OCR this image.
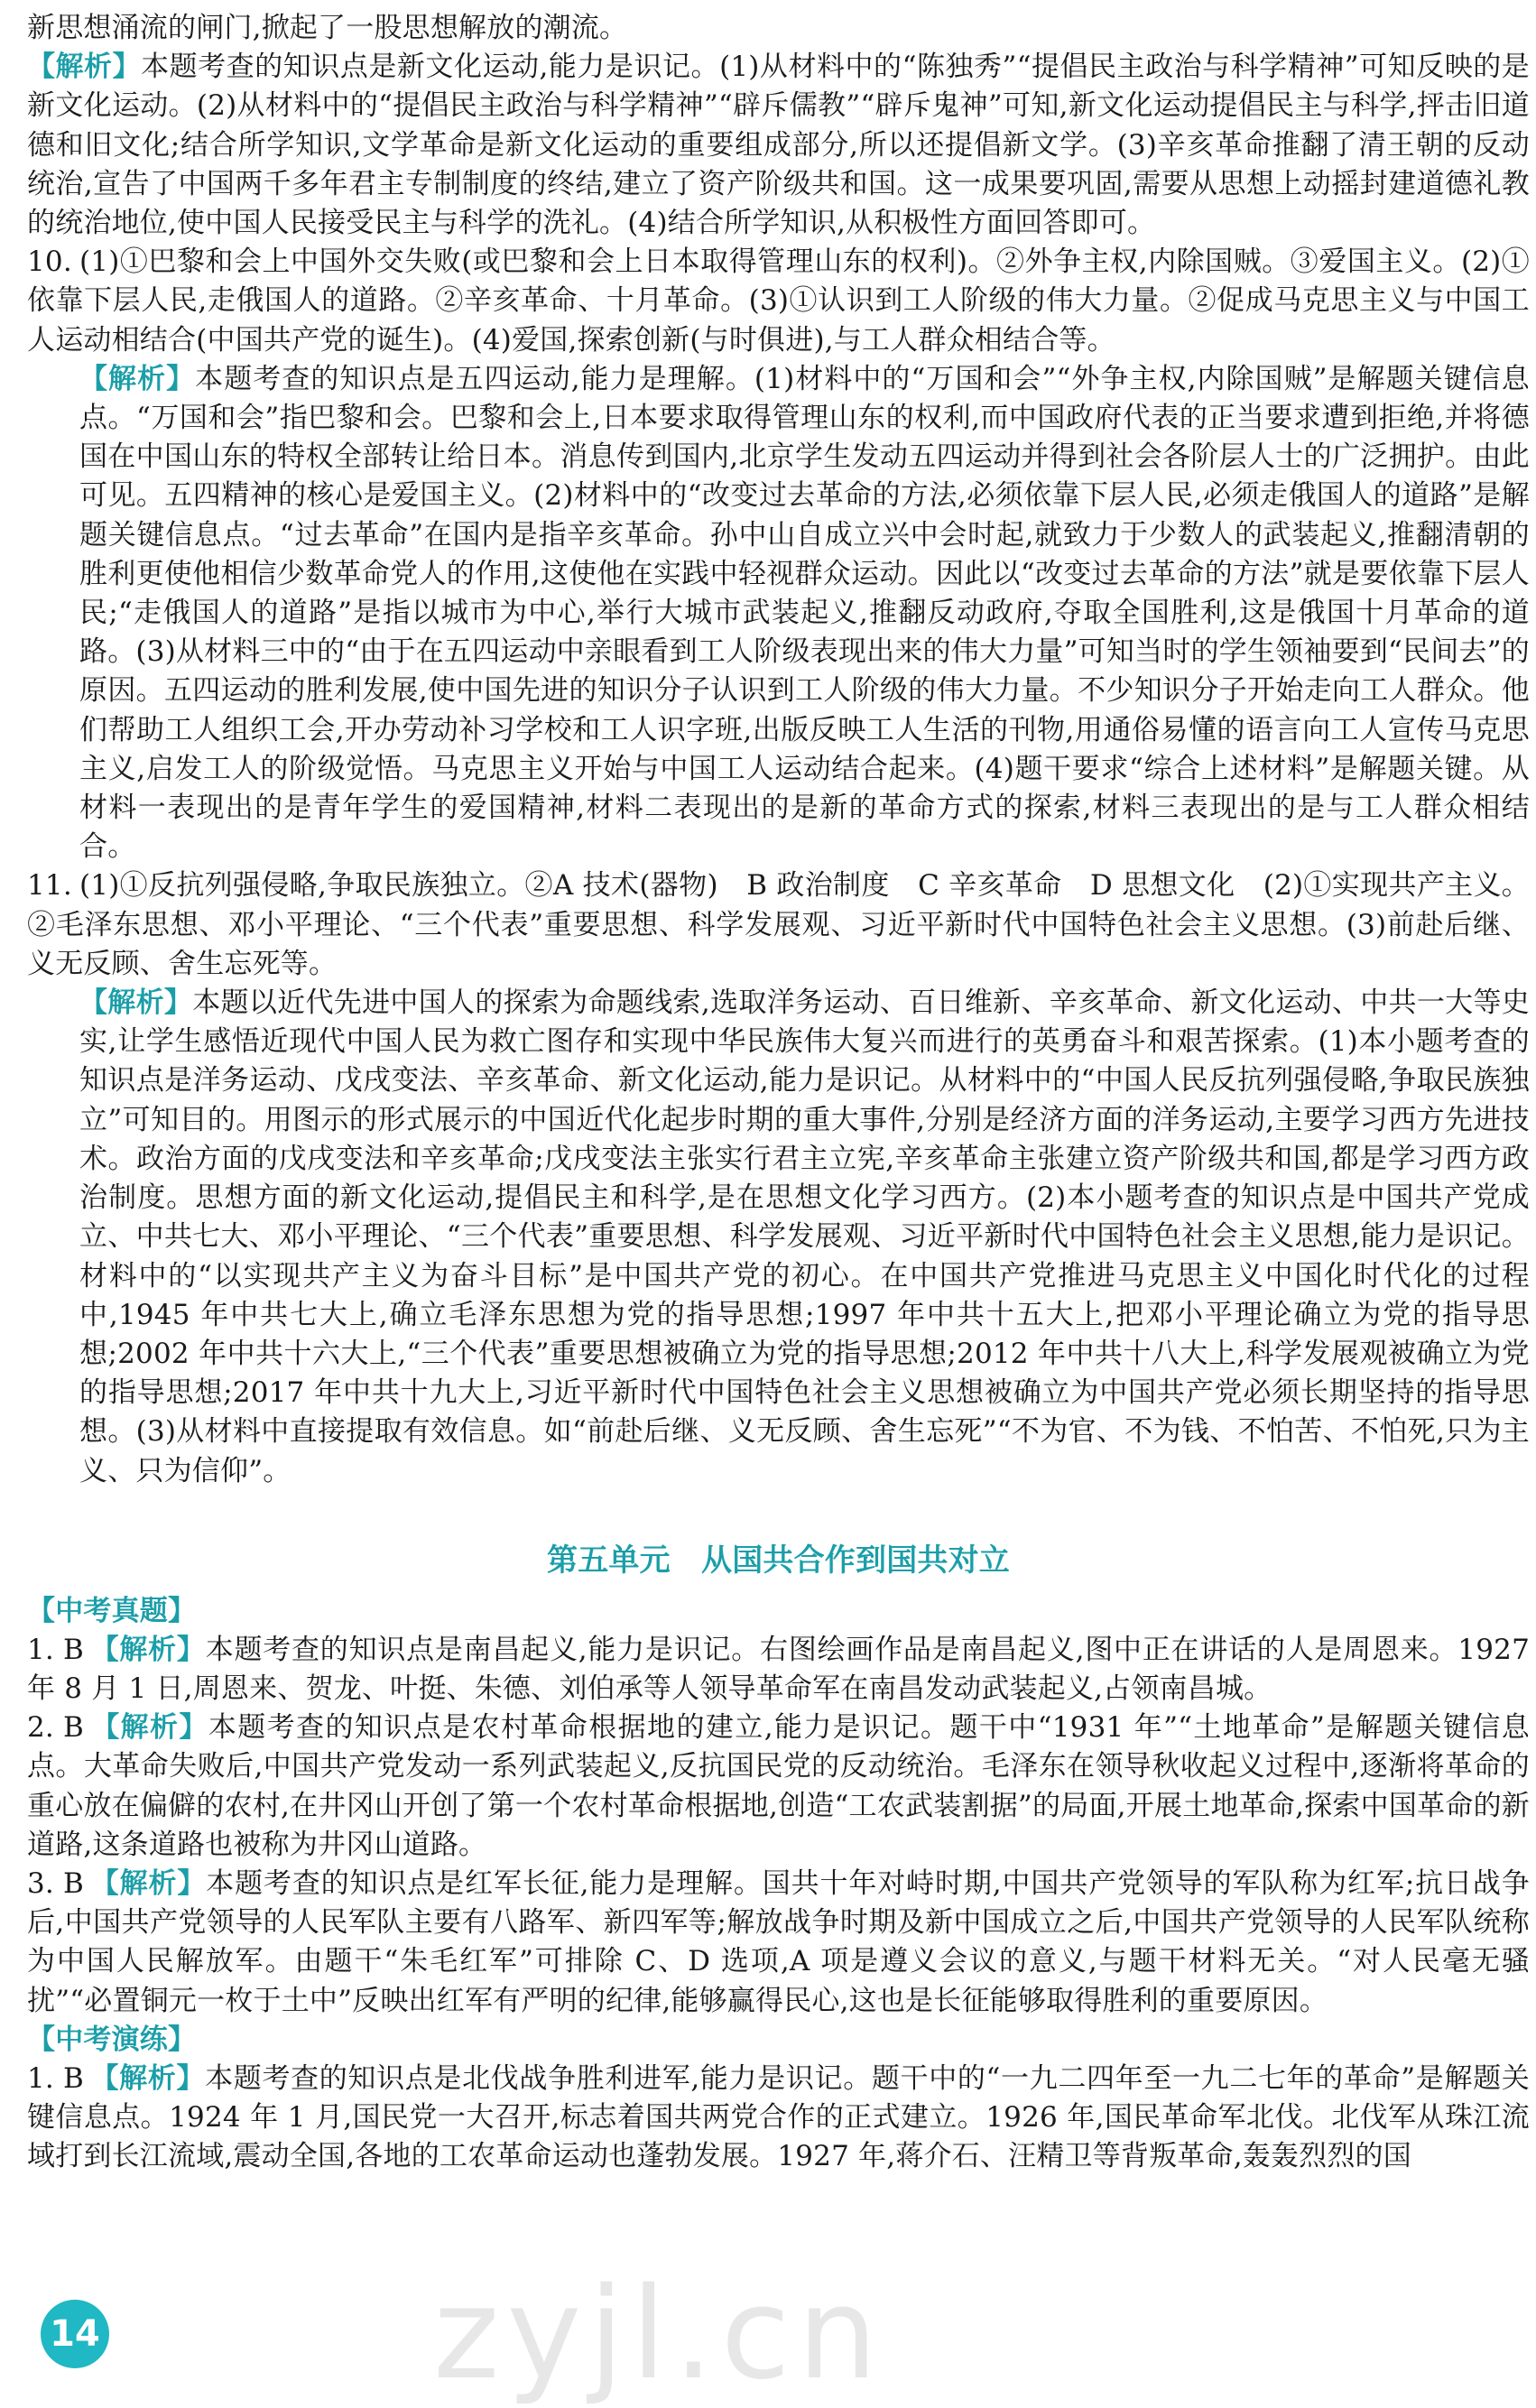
新思想涌流的闸门,掀起了一股思想解放的潮流。

【解析】本题考查的知识点是新文化运动,能力是识记。(1)从材料中的“陈独秀”“提倡民主政治与科学精神”可知反映的是新文化运动。(2)从材料中的“提倡民主政治与科学精神”“辟斥儒教”“辟斥鬼神”可知,新文化运动提倡民主与科学,抨击旧道德和旧文化;结合所学知识,文学革命是新文化运动的重要组成部分,所以还提倡新文学。(3)辛亥革命推翻了清王朝的反动统治,宣告了中国两千多年君主专制制度的终结,建立了资产阶级共和国。这一成果要巩固,需要从思想上动摇封建道德礼教的统治地位,使中国人民接受民主与科学的洗礼。(4)结合所学知识,从积极性方面回答即可。

10. (1)①巴黎和会上中国外交失败(或巴黎和会上日本取得管理山东的权利)。②外争主权,内除国贼。③爱国主义。(2)①依靠下层人民,走俄国人的道路。②辛亥革命、十月革命。(3)①认识到工人阶级的伟大力量。②促成马克思主义与中国工人运动相结合(中国共产党的诞生)。(4)爱国,探索创新(与时俱进),与工人群众相结合等。

【解析】本题考查的知识点是五四运动,能力是理解。(1)材料中的“万国和会”“外争主权,内除国贼”是解题关键信息点。“万国和会”指巴黎和会。巴黎和会上,日本要求取得管理山东的权利,而中国政府代表的正当要求遭到拒绝,并将德国在中国山东的特权全部转让给日本。消息传到国内,北京学生发动五四运动并得到社会各阶层人士的广泛拥护。由此可见。五四精神的核心是爱国主义。(2)材料中的“改变过去革命的方法,必须依靠下层人民,必须走俄国人的道路”是解题关键信息点。“过去革命”在国内是指辛亥革命。孙中山自成立兴中会时起,就致力于少数人的武装起义,推翻清朝的胜利更使他相信少数革命党人的作用,这使他在实践中轻视群众运动。因此以“改变过去革命的方法”就是要依靠下层人民;“走俄国人的道路”是指以城市为中心,举行大城市武装起义,推翻反动政府,夺取全国胜利,这是俄国十月革命的道路。(3)从材料三中的“由于在五四运动中亲眼看到工人阶级表现出来的伟大力量”可知当时的学生领袖要到“民间去”的原因。五四运动的胜利发展,使中国先进的知识分子认识到工人阶级的伟大力量。不少知识分子开始走向工人群众。他们帮助工人组织工会,开办劳动补习学校和工人识字班,出版反映工人生活的刊物,用通俗易懂的语言向工人宣传马克思主义,启发工人的阶级觉悟。马克思主义开始与中国工人运动结合起来。(4)题干要求“综合上述材料”是解题关键。从材料一表现出的是青年学生的爱国精神,材料二表现出的是新的革命方式的探索,材料三表现出的是与工人群众相结合。

11. (1)①反抗列强侵略,争取民族独立。②A 技术(器物)　B 政治制度　C 辛亥革命　D 思想文化　(2)①实现共产主义。②毛泽东思想、邓小平理论、“三个代表”重要思想、科学发展观、习近平新时代中国特色社会主义思想。(3)前赴后继、义无反顾、舍生忘死等。

【解析】本题以近代先进中国人的探索为命题线索,选取洋务运动、百日维新、辛亥革命、新文化运动、中共一大等史实,让学生感悟近现代中国人民为救亡图存和实现中华民族伟大复兴而进行的英勇奋斗和艰苦探索。(1)本小题考查的知识点是洋务运动、戊戌变法、辛亥革命、新文化运动,能力是识记。从材料中的“中国人民反抗列强侵略,争取民族独立”可知目的。用图示的形式展示的中国近代化起步时期的重大事件,分别是经济方面的洋务运动,主要学习西方先进技术。政治方面的戊戌变法和辛亥革命;戊戌变法主张实行君主立宪,辛亥革命主张建立资产阶级共和国,都是学习西方政治制度。思想方面的新文化运动,提倡民主和科学,是在思想文化学习西方。(2)本小题考查的知识点是中国共产党成立、中共七大、邓小平理论、“三个代表”重要思想、科学发展观、习近平新时代中国特色社会主义思想,能力是识记。材料中的“以实现共产主义为奋斗目标”是中国共产党的初心。在中国共产党推进马克思主义中国化时代化的过程中,1945 年中共七大上,确立毛泽东思想为党的指导思想;1997 年中共十五大上,把邓小平理论确立为党的指导思想;2002 年中共十六大上,“三个代表”重要思想被确立为党的指导思想;2012 年中共十八大上,科学发展观被确立为党的指导思想;2017 年中共十九大上,习近平新时代中国特色社会主义思想被确立为中国共产党必须长期坚持的指导思想。(3)从材料中直接提取有效信息。如“前赴后继、义无反顾、舍生忘死”“不为官、不为钱、不怕苦、不怕死,只为主义、只为信仰”。

第五单元　从国共合作到国共对立

【中考真题】

1. B 【解析】本题考查的知识点是南昌起义,能力是识记。右图绘画作品是南昌起义,图中正在讲话的人是周恩来。1927 年 8 月 1 日,周恩来、贺龙、叶挺、朱德、刘伯承等人领导革命军在南昌发动武装起义,占领南昌城。

2. B 【解析】本题考查的知识点是农村革命根据地的建立,能力是识记。题干中“1931 年”“土地革命”是解题关键信息点。大革命失败后,中国共产党发动一系列武装起义,反抗国民党的反动统治。毛泽东在领导秋收起义过程中,逐渐将革命的重心放在偏僻的农村,在井冈山开创了第一个农村革命根据地,创造“工农武装割据”的局面,开展土地革命,探索中国革命的新道路,这条道路也被称为井冈山道路。

3. B 【解析】本题考查的知识点是红军长征,能力是理解。国共十年对峙时期,中国共产党领导的军队称为红军;抗日战争后,中国共产党领导的人民军队主要有八路军、新四军等;解放战争时期及新中国成立之后,中国共产党领导的人民军队统称为中国人民解放军。由题干“朱毛红军”可排除 C、D 选项,A 项是遵义会议的意义,与题干材料无关。“对人民毫无骚扰”“必置铜元一枚于土中”反映出红军有严明的纪律,能够赢得民心,这也是长征能够取得胜利的重要原因。

【中考演练】

1. B 【解析】本题考查的知识点是北伐战争胜利进军,能力是识记。题干中的“一九二四年至一九二七年的革命”是解题关键信息点。1924 年 1 月,国民党一大召开,标志着国共两党合作的正式建立。1926 年,国民革命军北伐。北伐军从珠江流域打到长江流域,震动全国,各地的工农革命运动也蓬勃发展。1927 年,蒋介石、汪精卫等背叛革命,轰轰烈烈的国

zyjl.cn
14
